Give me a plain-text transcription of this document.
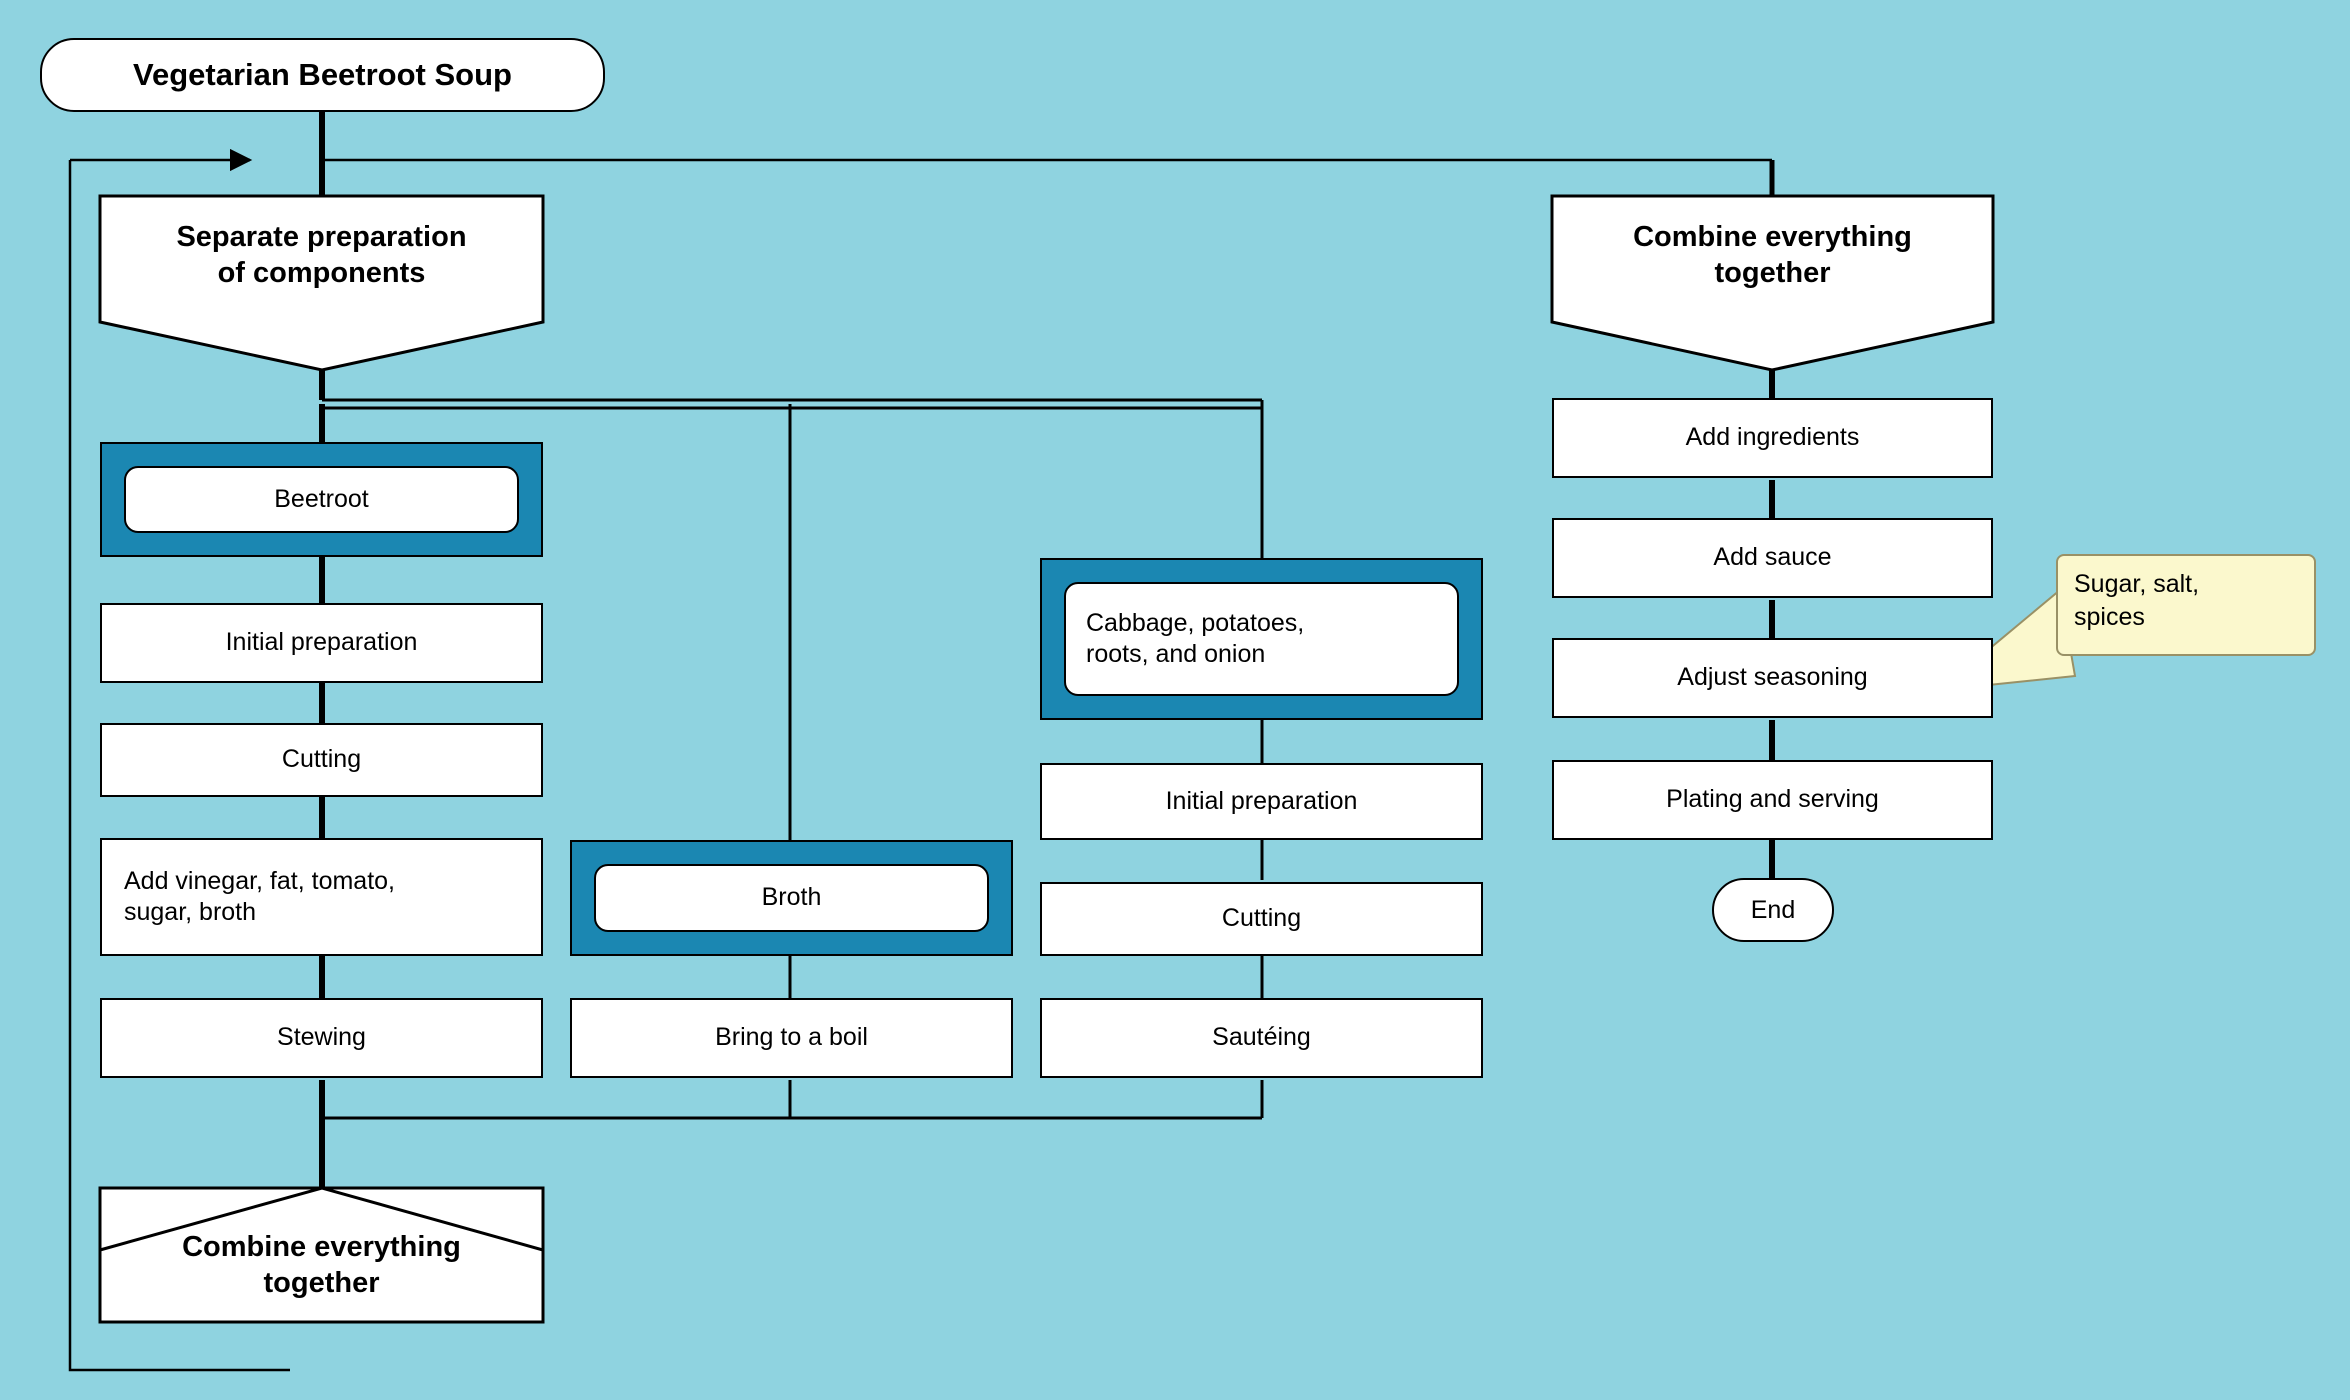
Vegetarian Beetroot Soup
Separate preparation
of components
Combine everything
together
Combine everything
together
Beetroot
Initial preparation
Cutting
Add vinegar, fat, tomato,
sugar, broth
Stewing
Broth
Bring to a boil
Cabbage, potatoes,
roots, and onion
Initial preparation
Cutting
Sautéing
Add ingredients
Add sauce
Adjust seasoning
Plating and serving
End
Sugar, salt,
spices
